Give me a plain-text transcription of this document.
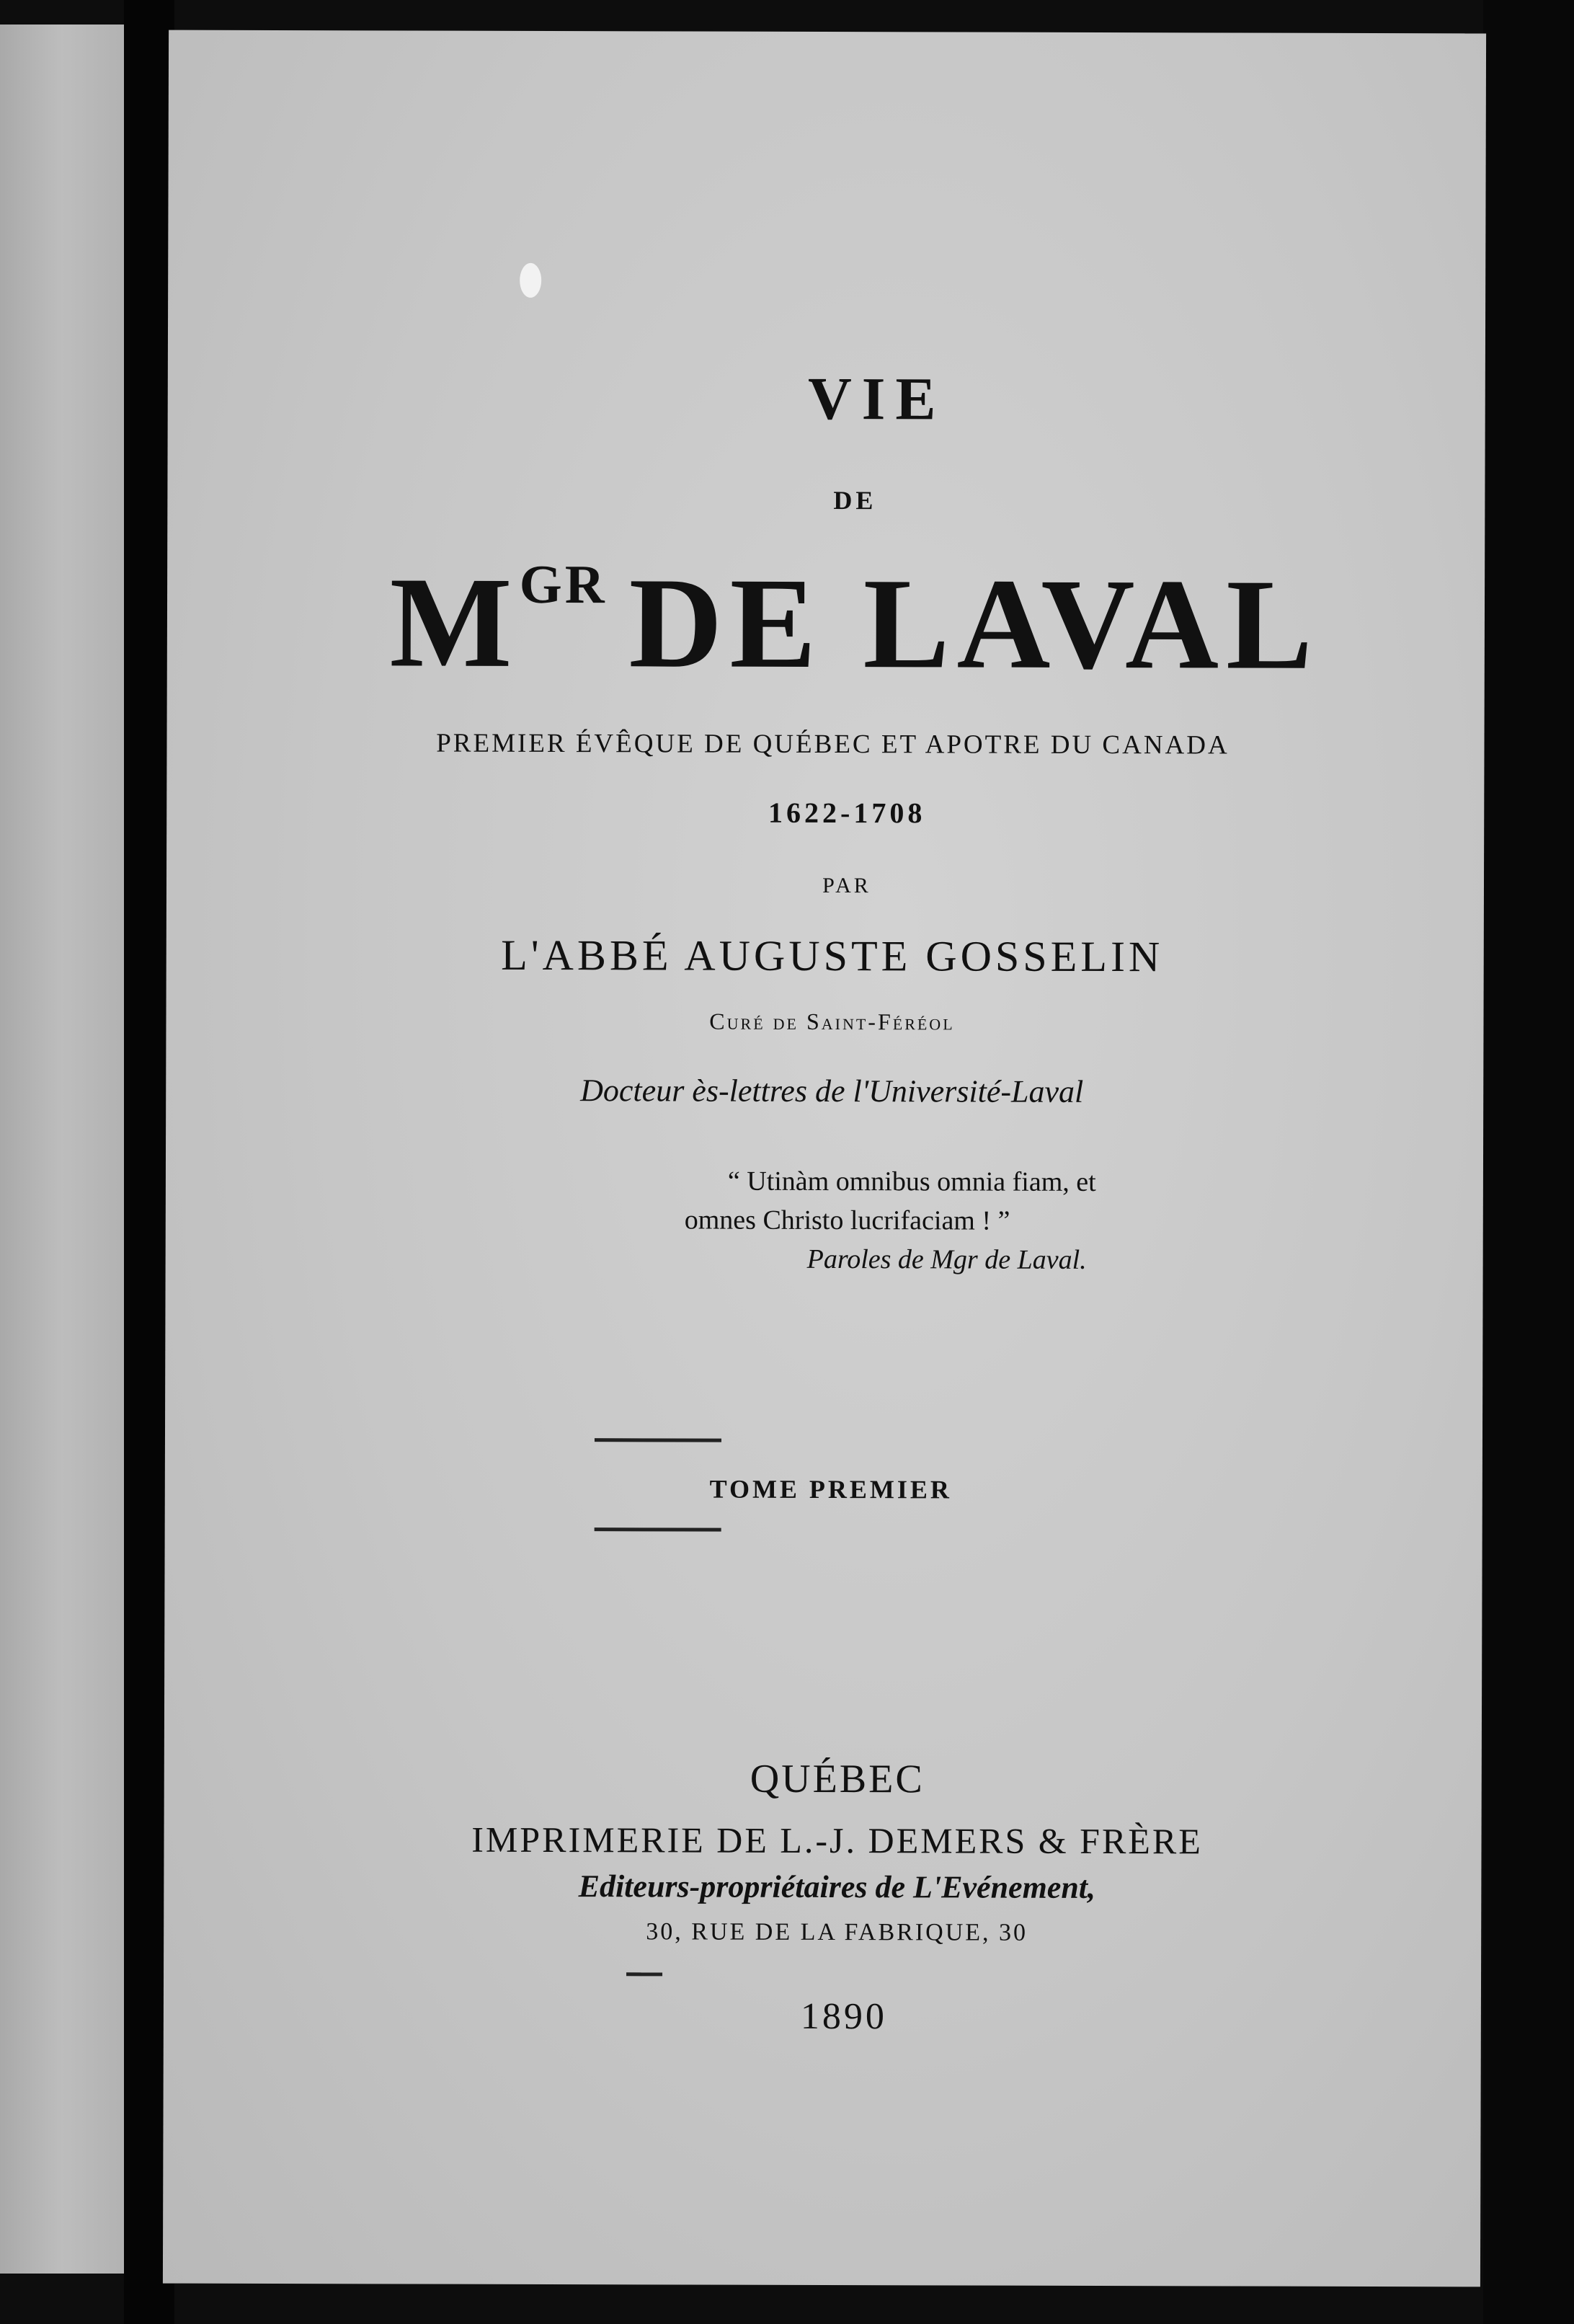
VIE

DE

$M^{GR}$ DE LAVAL

PREMIER ÉVÊQUE DE QUÉBEC ET APOTRE DU CANADA

1622-1708

PAR

L'ABBÉ AUGUSTE GOSSELIN

Curé de Saint-Féréol

Docteur ès-lettres de l'Université-Laval

“ Utinàm omnibus omnia fiam, et
omnes Christo lucrifaciam ! ”
Paroles de Mgr de Laval.

TOME PREMIER

QUÉBEC

IMPRIMERIE DE L.-J. DEMERS & FRÈRE

Editeurs-propriétaires de L'Evénement,

30, RUE DE LA FABRIQUE, 30

1890
